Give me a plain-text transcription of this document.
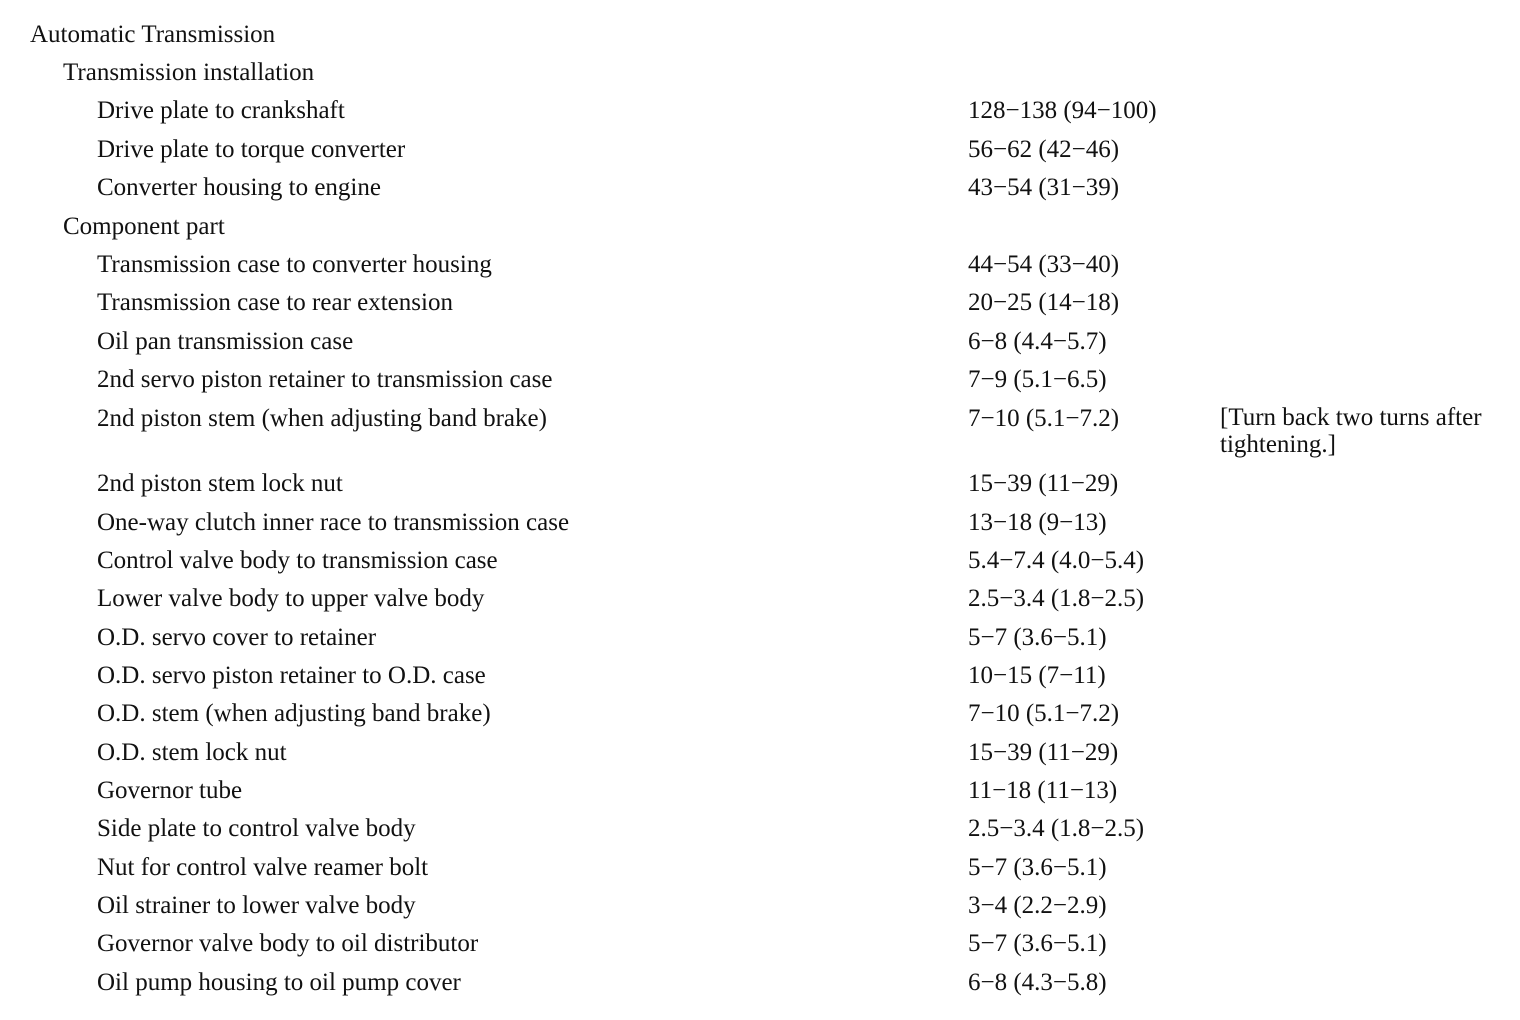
Automatic Transmission
Transmission installation
Drive plate to crankshaft	128−138 (94−100)
Drive plate to torque converter	56−62 (42−46)
Converter housing to engine	43−54 (31−39)
Component part
Transmission case to converter housing	44−54 (33−40)
Transmission case to rear extension	20−25 (14−18)
Oil pan transmission case	6−8 (4.4−5.7)
2nd servo piston retainer to transmission case	7−9 (5.1−6.5)
2nd piston stem (when adjusting band brake)	7−10 (5.1−7.2)	[Turn back two turns after tightening.]
2nd piston stem lock nut	15−39 (11−29)
One-way clutch inner race to transmission case	13−18 (9−13)
Control valve body to transmission case	5.4−7.4 (4.0−5.4)
Lower valve body to upper valve body	2.5−3.4 (1.8−2.5)
O.D. servo cover to retainer	5−7 (3.6−5.1)
O.D. servo piston retainer to O.D. case	10−15 (7−11)
O.D. stem (when adjusting band brake)	7−10 (5.1−7.2)
O.D. stem lock nut	15−39 (11−29)
Governor tube	11−18 (11−13)
Side plate to control valve body	2.5−3.4 (1.8−2.5)
Nut for control valve reamer bolt	5−7 (3.6−5.1)
Oil strainer to lower valve body	3−4 (2.2−2.9)
Governor valve body to oil distributor	5−7 (3.6−5.1)
Oil pump housing to oil pump cover	6−8 (4.3−5.8)
